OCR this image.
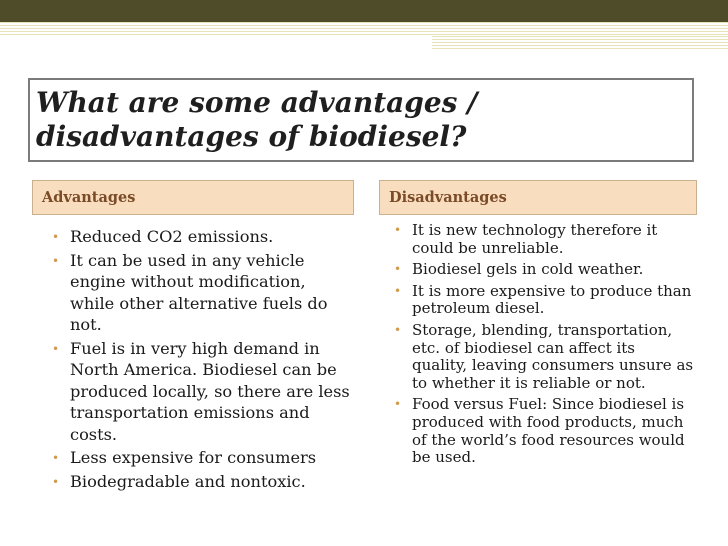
What are some advantages / disadvantages of biodiesel?
Advantages	Disadvantages
• Reduced CO2 emissions.
• It can be used in any vehicle engine without modification, while other alternative fuels do not.
• Fuel is in very high demand in North America. Biodiesel can be produced locally, so there are less transportation emissions and costs.
• Less expensive for consumers
• Biodegradable and nontoxic.
• It is new technology therefore it could be unreliable.
• Biodiesel gels in cold weather.
• It is more expensive to produce than petroleum diesel.
• Storage, blending, transportation, etc. of biodiesel can affect its quality, leaving consumers unsure as to whether it is reliable or not.
• Food versus Fuel: Since biodiesel is produced with food products, much of the world’s food resources would be used.
